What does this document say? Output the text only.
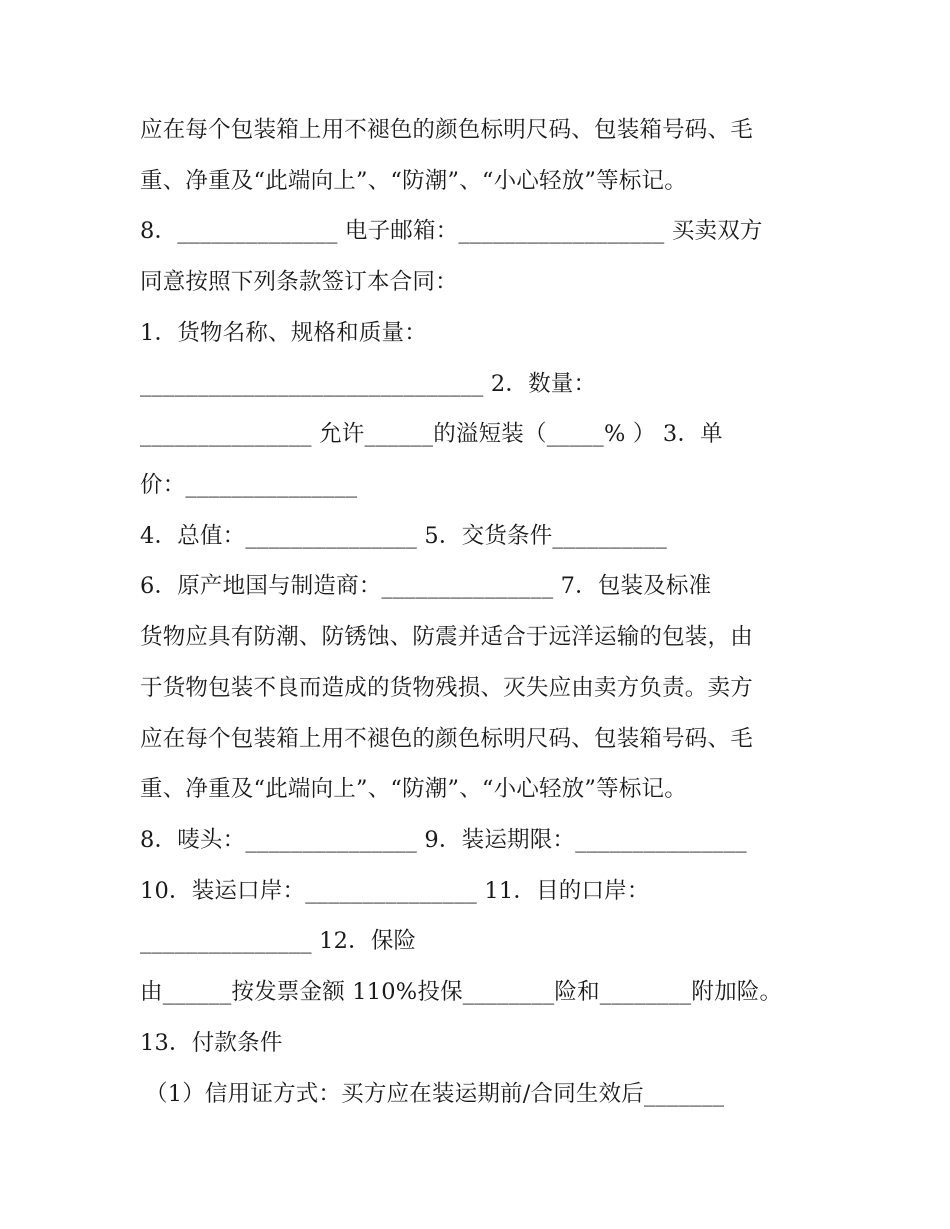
应在每个包装箱上用不褪色的颜色标明尺码、包装箱号码、毛
重、净重及“此端向上”、“防潮”、“小心轻放”等标记。
8．______________ 电子邮箱：__________________ 买卖双方
同意按照下列条款签订本合同：
1．货物名称、规格和质量：
______________________________ 2．数量：
_______________ 允许______的溢短装（_____% ） 3．单
价：_______________
4．总值：_______________ 5．交货条件__________
6．原产地国与制造商：_______________ 7．包装及标准
货物应具有防潮、防锈蚀、防震并适合于远洋运输的包装，由
于货物包装不良而造成的货物残损、灭失应由卖方负责。卖方
应在每个包装箱上用不褪色的颜色标明尺码、包装箱号码、毛
重、净重及“此端向上”、“防潮”、“小心轻放”等标记。
8．唛头：_______________ 9．装运期限：_______________
10．装运口岸：_______________ 11．目的口岸：
_______________ 12．保险
由______按发票金额 110%投保________险和________附加险。
13．付款条件
（1）信用证方式：买方应在装运期前/合同生效后_______
